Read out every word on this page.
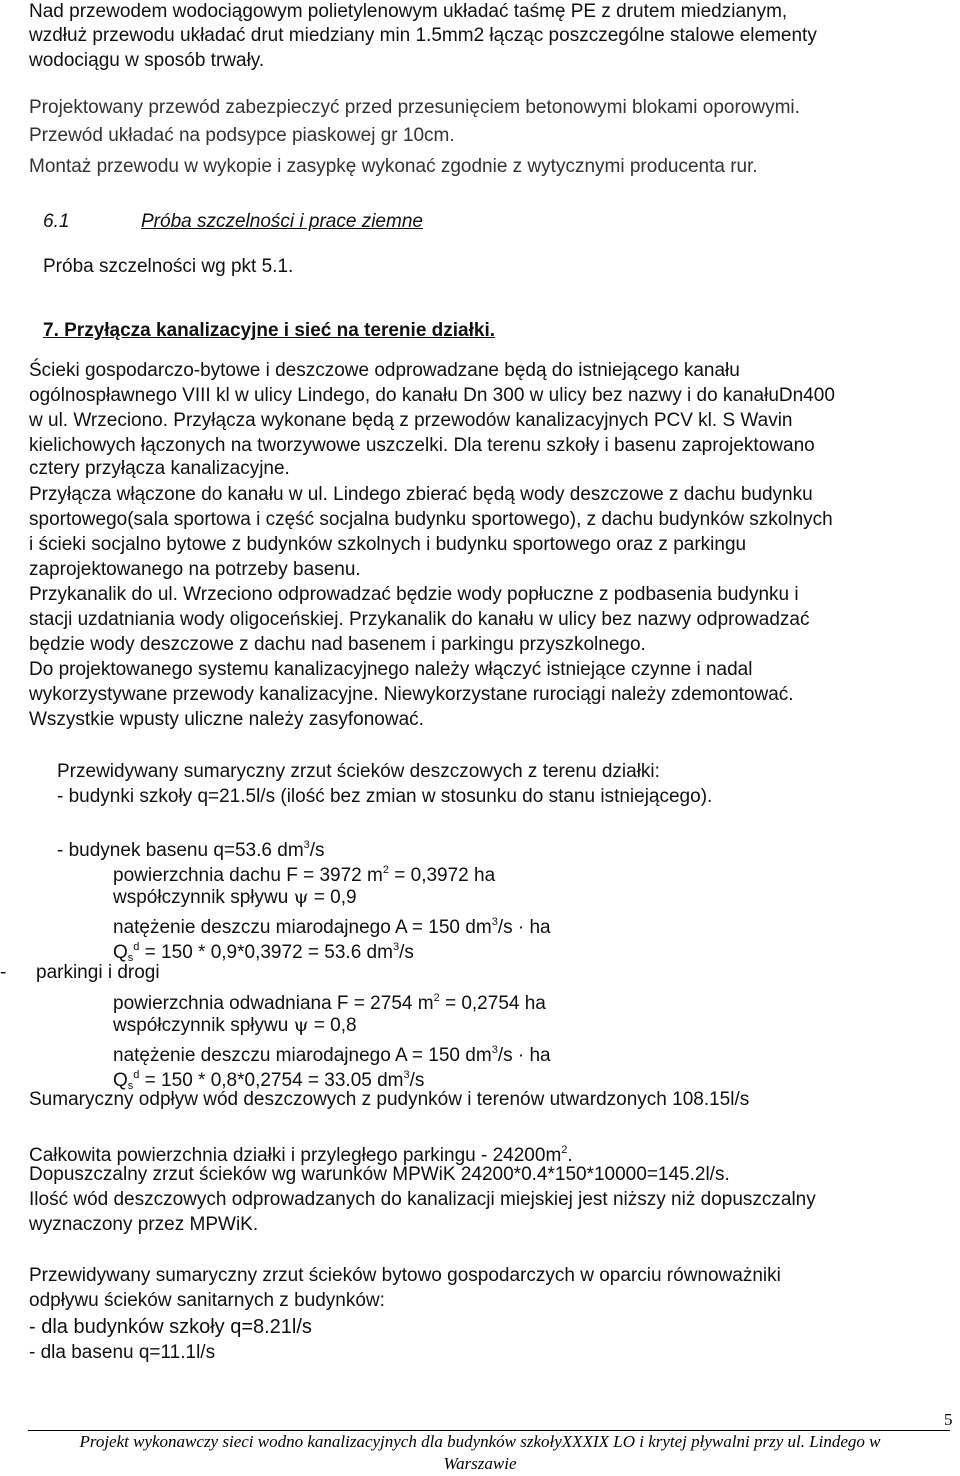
Nad przewodem wodociągowym polietylenowym układać taśmę PE z drutem miedzianym,
wzdłuż przewodu układać drut miedziany min 1.5mm2 łącząc poszczególne stalowe elementy
wodociągu w sposób trwały.
Projektowany przewód zabezpieczyć przed przesunięciem betonowymi blokami oporowymi.
Przewód układać na podsypce piaskowej gr 10cm.
Montaż przewodu w wykopie i zasypkę wykonać zgodnie z wytycznymi producenta rur.
6.1	Próba szczelności i prace ziemne
Próba szczelności wg pkt 5.1.
7. Przyłącza kanalizacyjne i sieć na terenie działki.
Ścieki gospodarczo-bytowe i deszczowe odprowadzane będą do istniejącego kanału
ogólnospławnego VIII kl w ulicy Lindego, do kanału Dn 300 w ulicy bez nazwy i do kanałuDn400
w ul. Wrzeciono. Przyłącza wykonane będą z przewodów kanalizacyjnych PCV kl. S Wavin
kielichowych łączonych na tworzywowe uszczelki. Dla terenu szkoły i basenu zaprojektowano
cztery przyłącza kanalizacyjne.
Przyłącza włączone do kanału w ul. Lindego zbierać będą wody deszczowe z dachu budynku
sportowego(sala sportowa i część socjalna budynku sportowego), z dachu budynków szkolnych
i ścieki socjalno bytowe z budynków szkolnych i budynku sportowego oraz z parkingu
zaprojektowanego na potrzeby basenu.
Przykanalik do ul. Wrzeciono odprowadzać będzie wody popłuczne z podbasenia budynku i
stacji uzdatniania wody oligoceńskiej. Przykanalik do kanału w ulicy bez nazwy odprowadzać
będzie wody deszczowe z dachu nad basenem i parkingu przyszkolnego.
Do projektowanego systemu kanalizacyjnego należy włączyć istniejące czynne i nadal
wykorzystywane przewody kanalizacyjne. Niewykorzystane rurociągi należy zdemontować.
Wszystkie wpusty uliczne należy zasyfonować.
Przewidywany sumaryczny zrzut ścieków deszczowych z terenu działki:
- budynki szkoły q=21.5l/s (ilość bez zmian w stosunku do stanu istniejącego).
- budynek basenu q=53.6 $dm^3/s$
powierzchnia dachu F = 3972 $m^2 = 0,3972$ ha
współczynnik spływu ψ = 0,9
natężenie deszczu miarodajnego A = 150 $dm^3/s$ · ha
$Q_s^d = 150 * 0,9*0,3972 = 53.6$ $dm^3/s$
- parkingi i drogi
powierzchnia odwadniana F = 2754 $m^2 = 0,2754$ ha
współczynnik spływu ψ = 0,8
natężenie deszczu miarodajnego A = 150 $dm^3/s$ · ha
$Q_s^d = 150 * 0,8*0,2754 = 33.05$ $dm^3/s$
Sumaryczny odpływ wód deszczowych z pudynków i terenów utwardzonych 108.15l/s
Całkowita powierzchnia działki i przyległego parkingu - $24200m^2$.
Dopuszczalny zrzut ścieków wg warunków MPWiK 24200*0.4*150*10000=145.2l/s.
Ilość wód deszczowych odprowadzanych do kanalizacji miejskiej jest niższy niż dopuszczalny
wyznaczony przez MPWiK.
Przewidywany sumaryczny zrzut ścieków bytowo gospodarczych w oparciu równoważniki
odpływu ścieków sanitarnych z budynków:
- dla budynków szkoły q=8.21l/s
- dla basenu q=11.1l/s
5
Projekt wykonawczy sieci wodno kanalizacyjnych dla budynków szkołyXXXIX LO i krytej pływalni przy ul. Lindego w
Warszawie
